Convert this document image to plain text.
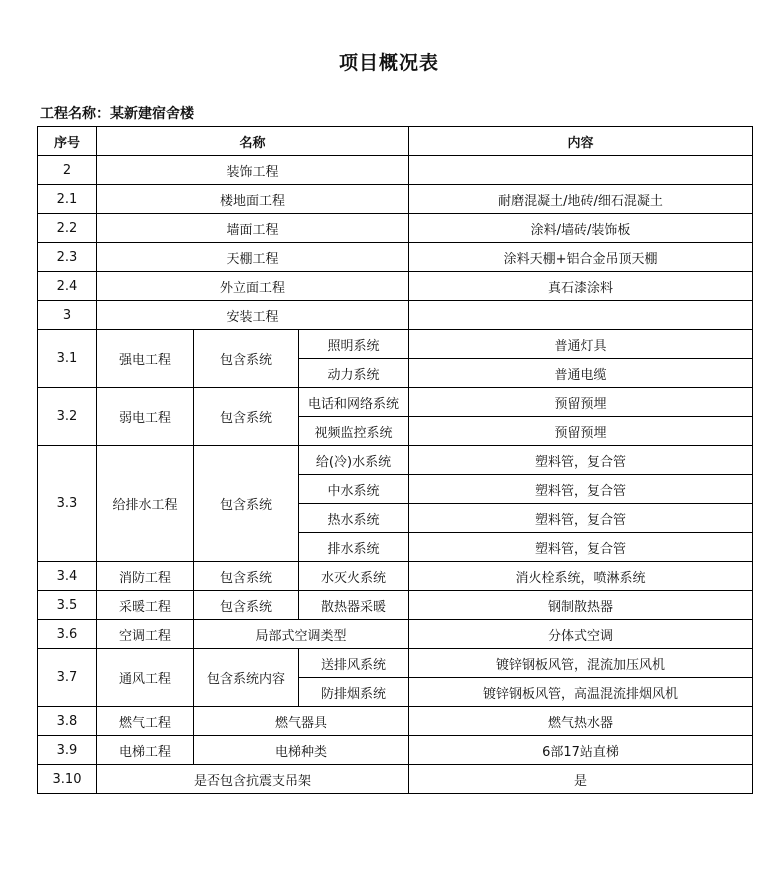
项目概况表
工程名称：某新建宿舍楼
序号	名称			内容
2	装饰工程			
2.1	楼地面工程			耐磨混凝土/地砖/细石混凝土
2.2	墙面工程			涂料/墙砖/装饰板
2.3	天棚工程			涂料天棚+铝合金吊顶天棚
2.4	外立面工程			真石漆涂料
3	安装工程			
3.1	强电工程	包含系统	照明系统	普通灯具
			动力系统	普通电缆
3.2	弱电工程	包含系统	电话和网络系统	预留预埋
			视频监控系统	预留预埋
3.3	给排水工程	包含系统	给(冷)水系统	塑料管，复合管
			中水系统	塑料管，复合管
			热水系统	塑料管，复合管
			排水系统	塑料管，复合管
3.4	消防工程	包含系统	水灭火系统	消火栓系统，喷淋系统
3.5	采暖工程	包含系统	散热器采暖	钢制散热器
3.6	空调工程	局部式空调类型		分体式空调
3.7	通风工程	包含系统内容	送排风系统	镀锌钢板风管，混流加压风机
			防排烟系统	镀锌钢板风管，高温混流排烟风机
3.8	燃气工程	燃气器具		燃气热水器
3.9	电梯工程	电梯种类		6部17站直梯
3.10	是否包含抗震支吊架			是
